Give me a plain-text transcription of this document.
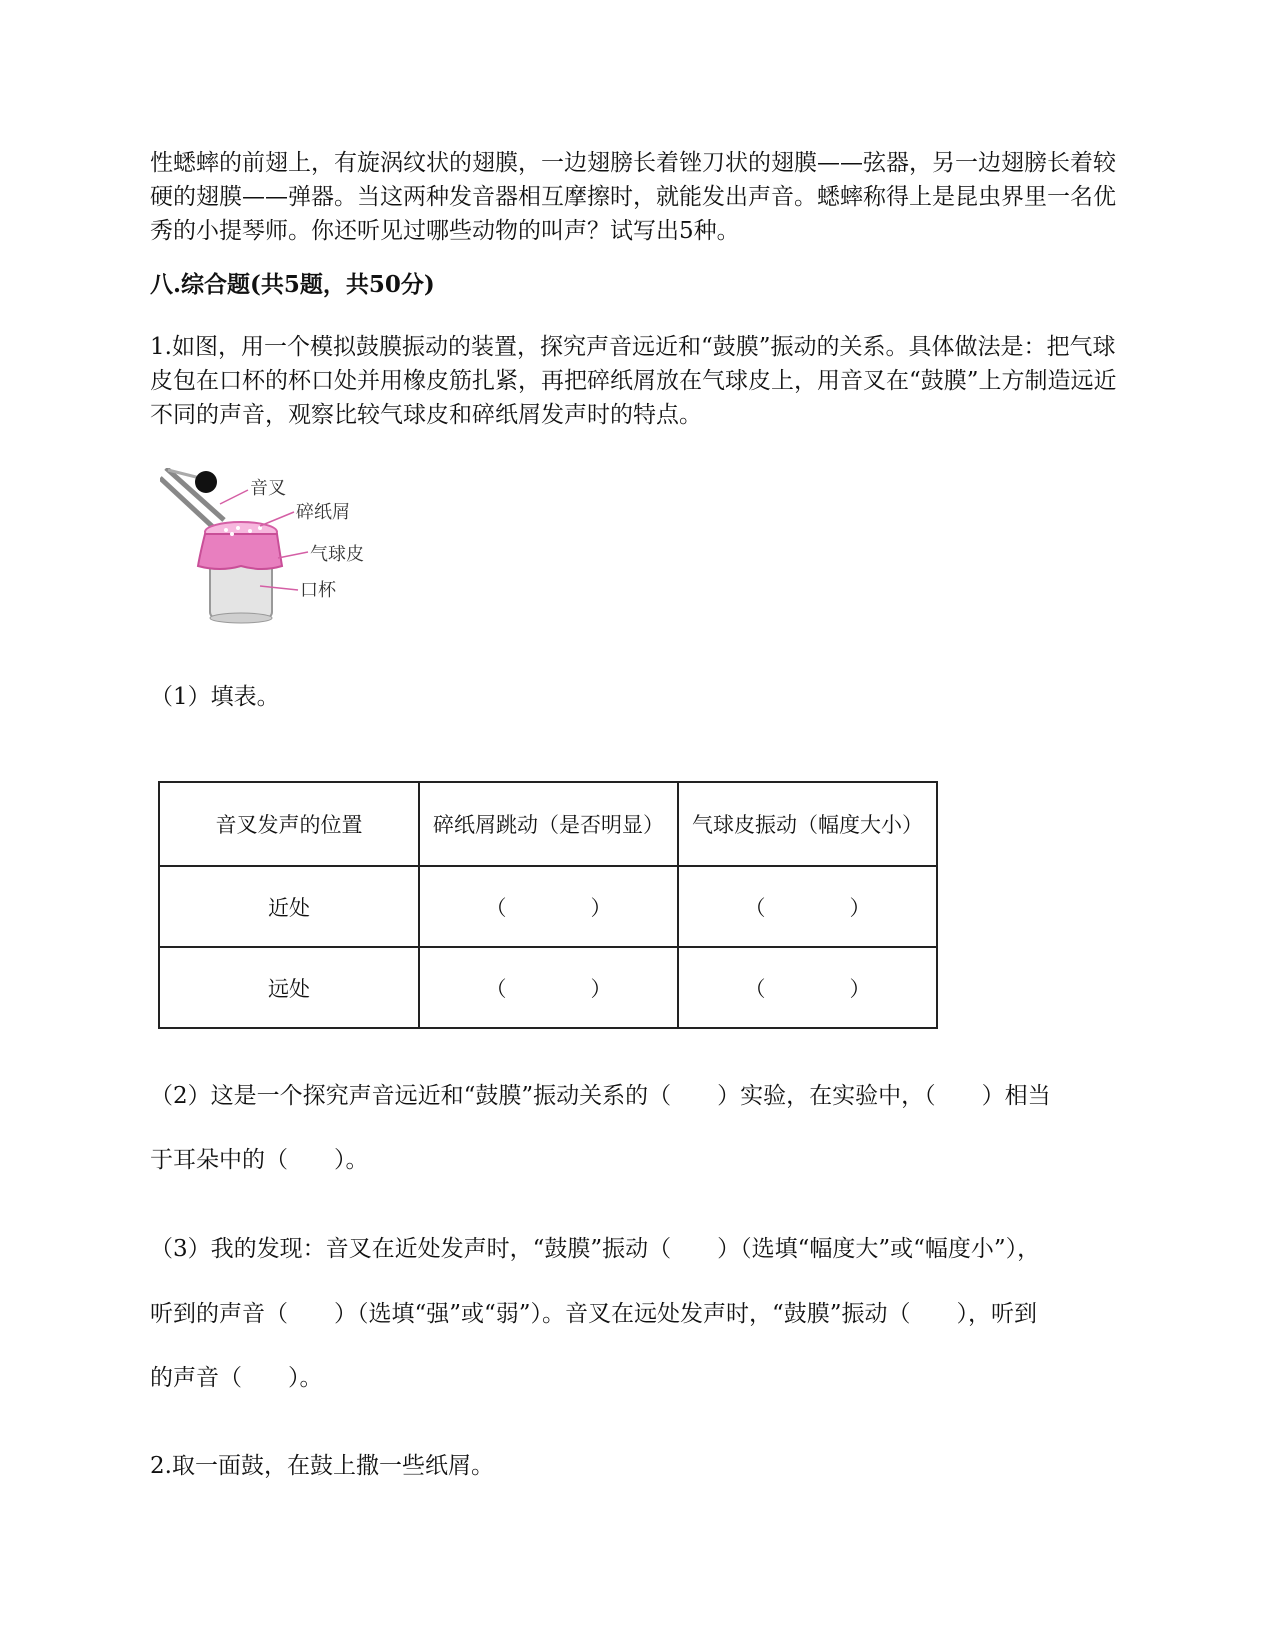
性蟋蟀的前翅上，有旋涡纹状的翅膜，一边翅膀长着锉刀状的翅膜——弦器，另一边翅膀长着较硬的翅膜——弹器。当这两种发音器相互摩擦时，就能发出声音。蟋蟀称得上是昆虫界里一名优秀的小提琴师。你还听见过哪些动物的叫声？试写出5种。

八.综合题(共5题，共50分)

1.如图，用一个模拟鼓膜振动的装置，探究声音远近和“鼓膜”振动的关系。具体做法是：把气球皮包在口杯的杯口处并用橡皮筋扎紧，再把碎纸屑放在气球皮上，用音叉在“鼓膜”上方制造远近不同的声音，观察比较气球皮和碎纸屑发声时的特点。

音叉
碎纸屑
气球皮
口杯

（1）填表。

音叉发声的位置	碎纸屑跳动（是否明显）	气球皮振动（幅度大小）
近处	（　　　　）	（　　　　）
远处	（　　　　）	（　　　　）

（2）这是一个探究声音远近和“鼓膜”振动关系的（　　）实验，在实验中，（　　）相当

于耳朵中的（　　）。

（3）我的发现：音叉在近处发声时，“鼓膜”振动（　　）（选填“幅度大”或“幅度小”），

听到的声音（　　）（选填“强”或“弱”）。音叉在远处发声时，“鼓膜”振动（　　），听到

的声音（　　）。

2.取一面鼓，在鼓上撒一些纸屑。
